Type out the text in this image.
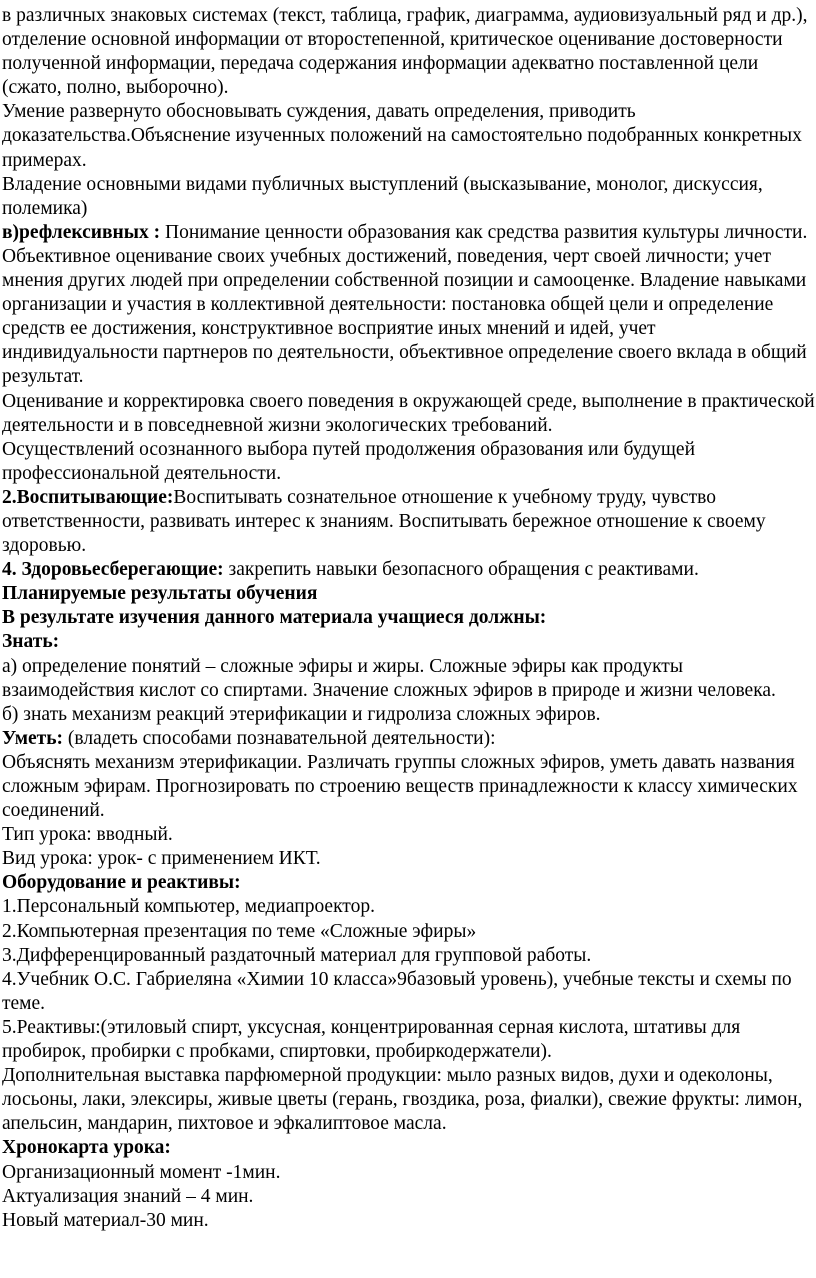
в различных знаковых системах (текст, таблица, график, диаграмма, аудиовизуальный ряд и др.), отделение основной информации от второстепенной, критическое оценивание достоверности полученной информации, передача содержания информации адекватно поставленной цели (сжато, полно, выборочно).

Умение развернуто обосновывать суждения, давать определения, приводить доказательства.Объяснение изученных положений на самостоятельно подобранных конкретных примерах.

Владение основными видами публичных выступлений (высказывание, монолог, дискуссия, полемика)

в)рефлексивных : Понимание ценности образования как средства развития культуры личности. Объективное оценивание своих учебных достижений, поведения, черт своей личности; учет мнения других людей при определении собственной позиции и самооценке. Владение навыками организации и участия в коллективной деятельности: постановка общей цели и определение средств ее достижения, конструктивное восприятие иных мнений и идей, учет индивидуальности партнеров по деятельности, объективное определение своего вклада в общий результат.

Оценивание и корректировка своего поведения в окружающей среде, выполнение в практической деятельности и в повседневной жизни экологических требований.

Осуществлений осознанного выбора путей продолжения образования или будущей профессиональной деятельности.

2.Воспитывающие:Воспитывать сознательное отношение к учебному труду, чувство ответственности, развивать интерес к знаниям. Воспитывать бережное отношение к своему здоровью.

4. Здоровьесберегающие: закрепить навыки безопасного обращения с реактивами.

Планируемые результаты обучения

В результате изучения данного материала учащиеся должны:

Знать:

а) определение понятий – сложные эфиры и жиры. Сложные эфиры как продукты взаимодействия кислот со спиртами. Значение сложных эфиров в природе и жизни человека.

б) знать механизм реакций этерификации и гидролиза сложных эфиров.

Уметь: (владеть способами познавательной деятельности):

Объяснять механизм этерификации. Различать группы сложных эфиров, уметь давать названия сложным эфирам. Прогнозировать по строению веществ принадлежности к классу химических соединений.

Тип урока: вводный.

Вид урока: урок- с применением ИКТ.

Оборудование и реактивы:

1.Персональный компьютер, медиапроектор.

2.Компьютерная презентация по теме «Сложные эфиры»

3.Дифференцированный раздаточный материал для групповой работы.

4.Учебник О.С. Габриеляна «Химии 10 класса»9базовый уровень), учебные тексты и схемы по теме.

5.Реактивы:(этиловый спирт, уксусная, концентрированная серная кислота, штативы для пробирок, пробирки с пробками, спиртовки, пробиркодержатели).

Дополнительная выставка парфюмерной продукции: мыло разных видов, духи и одеколоны, лосьоны, лаки, элексиры, живые цветы (герань, гвоздика, роза, фиалки), свежие фрукты: лимон, апельсин, мандарин, пихтовое и эфкалиптовое масла.

Хронокарта урока:

Организационный момент -1мин.

Актуализация знаний – 4 мин.

Новый материал-30 мин.
